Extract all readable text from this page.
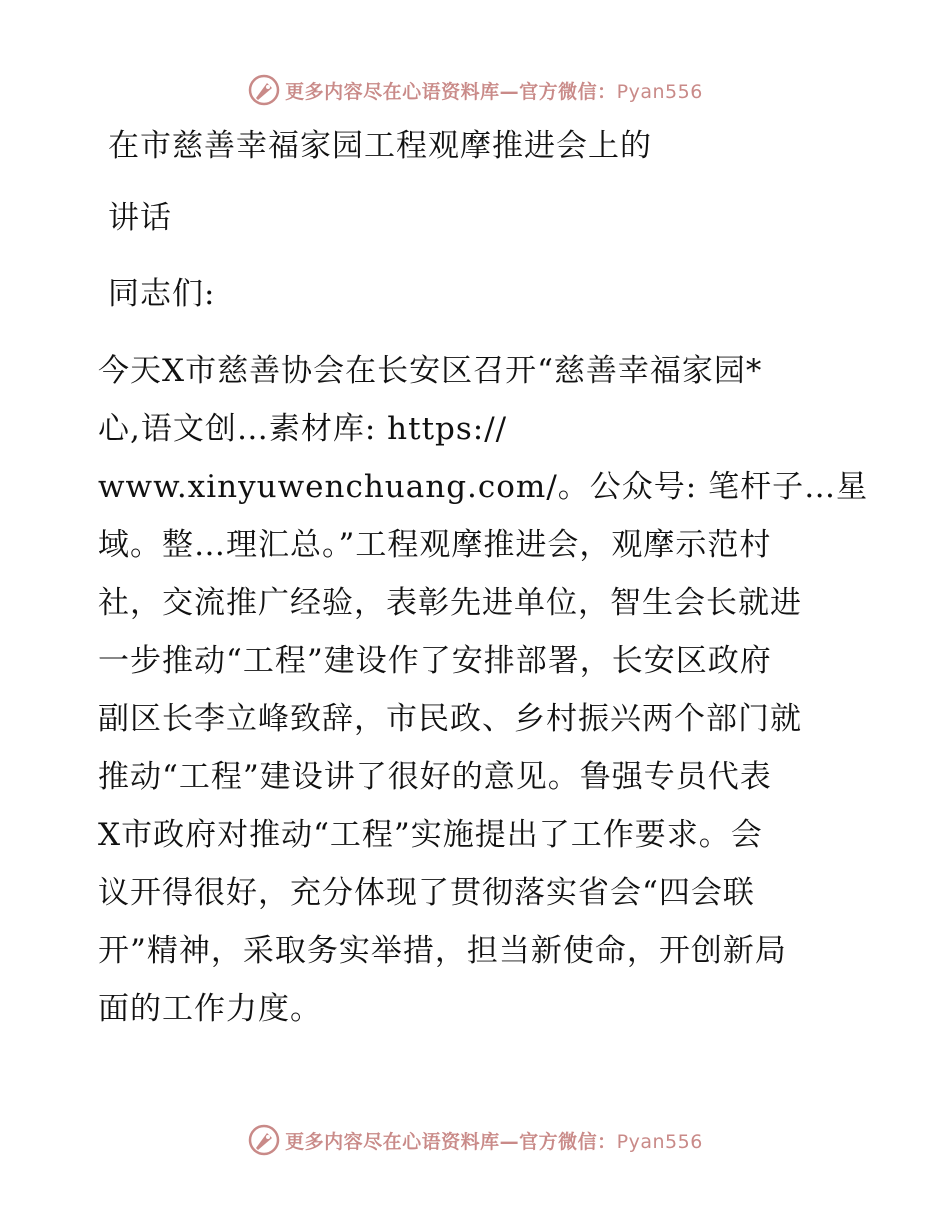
更多内容尽在心语资料库—官方微信：Pyan556

在市慈善幸福家园工程观摩推进会上的

讲话

同志们:

今天X市慈善协会在长安区召开“慈善幸福家园*

心,语文创…素材库: https://

www.xinyuwenchuang.com/。公众号: 笔杆子…星

域。整…理汇总。”工程观摩推进会，观摩示范村

社，交流推广经验，表彰先进单位，智生会长就进

一步推动“工程”建设作了安排部署，长安区政府

副区长李立峰致辞，市民政、乡村振兴两个部门就

推动“工程”建设讲了很好的意见。鲁强专员代表

X市政府对推动“工程”实施提出了工作要求。会

议开得很好，充分体现了贯彻落实省会“四会联

开”精神，采取务实举措，担当新使命，开创新局

面的工作力度。

更多内容尽在心语资料库—官方微信：Pyan556
